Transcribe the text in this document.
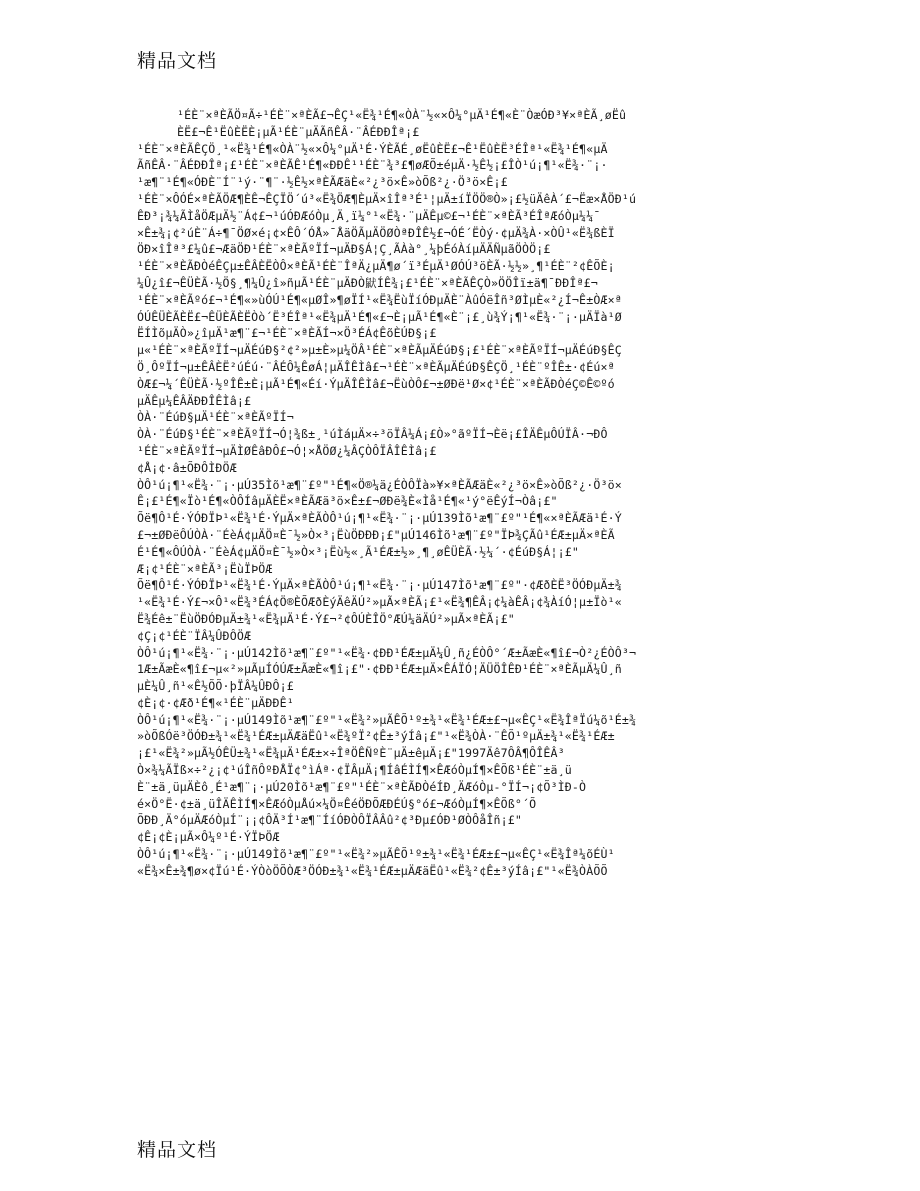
精品文档
¹ÉÈ¨×ªÈÃÖ¤Ã÷¹ÉÈ¨×ªÈÃ£¬ÊÇ¹«Ë¾¹É¶«ÒÀ¨½«×Ô¼°µÄ¹É¶«È¨ÒæÓÐ³¥×ªÈÃ¸øËû
ÈË£¬Ê¹ËûÈËÈ¡µÃ¹ÉÈ¨µÄÃñÊÂ·¨ÂÉÐÐÎª¡£
¹ÉÈ¨×ªÈÃÊÇÖ¸¹«Ë¾¹É¶«ÒÀ¨½«×Ô¼°µÄ¹É·ÝÈÃÉ¸øËûÈË£¬Ê¹ËûÈË³ÉÎª¹«Ë¾¹É¶«µÄ
ÃñÊÂ·¨ÂÉÐÐÎª¡£¹ÉÈ¨×ªÈÃÊ¹É¶«ÐÐÊ¹¹ÉÈ¨¾³£¶øÆÕ±éµÄ·½Ê½¡£ÎÒ¹ú¡¶¹«Ë¾·¨¡·
¹æ¶¨¹É¶«ÓÐÈ¨Í¨¹ý·¨¶¨·½Ê½×ªÈÃÆäÈ«²¿³ö×Ê»òÕß²¿·Ö³ö×Ê¡£
¹ÉÈ¨×ÔÓÉ×ªÈÃÖÆ¶ÈÊ¬ÊÇÏÖ´ú³«Ë¾ÖÆ¶ÈµÄ×îÎª³É¹¦µÄ±íÏÖÖ®Ò»¡£½üÄêÀ´£¬Ëæ×ÅÖÐ¹ú
ÊÐ³¡¾¼ÃÌåÖÆµÄ½¨Á¢£¬¹úÓÐÆóÒµ¸Ä¸ï¼°¹«Ë¾·¨µÄÊµ©£¬¹ÉÈ¨×ªÈÃ³ÉÎªÆóÒµ¼¼¯
×Ê±¾¡¢²úÈ¨Á÷¶¯ÖØ×é¡¢×ÊÔ´ÓÅ»¯ÅäÖÃµÄÖØÒªÐÎÊ½£¬ÓÉ´ËÒý·¢µÄ¾À·×ÒÛ¹«Ë¾ßÈÏ
ÖÐ×îÎª³£¼û£¬ÆäÖÐ¹ÉÈ¨×ªÈÃºÏÍ¬µÄÐ§Á¦Ç¸ÃÀà°¸¼þÉóÀíµÄÄÑµãÖÒÖ¡£
¹ÉÈ¨×ªÈÃÐÒéÊÇµ±ÊÂÈËÒÔ×ªÈÃ¹ÉÈ¨ÎªÄ¿µÄ¶ø´ï³ÉµÄ¹ØÓÚ³öÈÃ·½½»¸¶¹ÉÈ¨²¢ÊÕÈ¡
¼Û¿î£¬ÊÜÈÃ·½Ö§¸¶¼Û¿î»ñµÃ¹ÉÈ¨µÄÐÒ鼣ÍÊ¾¡£¹ÉÈ¨×ªÈÃÊÇÒ»ÖÖÎï±ä¶¯ÐÐÎª£¬
¹ÉÈ¨×ªÈÃºó£¬¹É¶«»ùÓÚ¹É¶«µØÎ»¶øÏÍ¹«Ë¾ËùÏíÓÐµÄÈ¨ÀûÓëÎñ³ØÌµÈ«²¿Í¬Ê±ÒÆ×ª
ÓÚÊÜÈÃÈË£¬ÊÜÈÃÈËÒò´Ë³ÉÎª¹«Ë¾µÄ¹É¶«£¬È¡µÃ¹É¶«È¨¡£¸ù¾Ý¡¶¹«Ë¾·¨¡·µÄÏà¹Ø
ËÍÌõµÄÒ»¿îµÄ¹æ¶¨£¬¹ÉÈ¨×ªÈÃÍ¬×Ö³ÉÁ¢ÊõÈÚÐ§¡£
µ«¹ÉÈ¨×ªÈÃºÏÍ¬µÄÉúÐ§²¢²»µ±È»µ¼ÖÂ¹ÉÈ¨×ªÈÃµÄÉúÐ§¡£¹ÉÈ¨×ªÈÃºÏÍ¬µÄÉúÐ§ÊÇ
Ö¸ÔºÏÍ¬µ±ÊÂÈË²úÉú·¨ÂÉÔ¼ÊøÁ¦µÄÎÊÌâ£¬¹ÉÈ¨×ªÈÃµÄÉúÐ§ÊÇÖ¸¹ÉÈ¨ºÎÊ±·¢Éú×ª
ÒÆ£¬¼´ÊÜÈÃ·½ºÎÊ±È¡µÃ¹É¶«Éí·ÝµÄÎÊÌâ£¬ËùÒÔ£¬±ØÐë¹Ø×¢¹ÉÈ¨×ªÈÃÐÒéÇ©Ê©ºó
µÄÊµ¼ÊÂÄÐÐÎÊÌâ¡£
ÒÀ·¨ÉúÐ§µÄ¹ÉÈ¨×ªÈÃºÏÍ¬
ÒÀ·¨ÉúÐ§¹ÉÈ¨×ªÈÃºÏÍ¬Ó¦¾ß±¸¹úÌáµÄ×÷³öÏÂ¼Á¡£Ò»°ãºÏÍ¬Èë¡£ÎÄÊµÔÚÏÂ·¬ÐÔ
¹ÉÈ¨×ªÈÃºÏÍ¬µÄÌØÊâÐÔ£¬Ó¦×ÅÖØ¿¼ÂÇÒÔÏÂÎÊÌâ¡£
¢Å¡¢·â±ÕÐÔÌÐÖÆ
ÒÔ¹ú¡¶¹«Ë¾·¨¡·µÚ35Ìõ¹æ¶¨£º"¹É¶«Ö®¼ä¿ÉÒÔÏà»¥×ªÈÃÆäÈ«²¿³ö×Ê»òÕß²¿·Ö³ö×
Ê¡£¹É¶«Ïò¹É¶«ÒÔÍâµÄÈË×ªÈÃÆä³ö×Ê±£¬ØÐë¾È«Ìå¹É¶«¹ý°ëÊýÍ¬Òâ¡£"
Õë¶Ô¹É·ÝÓÐÏÞ¹«Ë¾¹É·ÝµÄ×ªÈÃÒÔ¹ú¡¶¹«Ë¾·¨¡·µÚ139Ìõ¹æ¶¨£º"¹É¶«×ªÈÃÆä¹É·Ý
£¬±ØÐëÔÚÒÀ·¨ÉèÁ¢µÄÖ¤È¯½»Ò×³¡ËùÖÐÐÐ¡£"µÚ146Ìõ¹æ¶¨£º"ÏÞ¾ÇÃû¹ÉÆ±µÄ×ªÈÃ
É¹É¶«ÔÚÒÀ·¨ÉèÁ¢µÄÖ¤È¯½»Ò×³¡Ëù½«¸Ã¹ÉÆ±½»¸¶¸øÊÜÈÃ·½¼´·¢ÉúÐ§Á¦¡£"
Æ¡¢¹ÉÈ¨×ªÈÃ³¡ËùÏÞÖÆ
Õë¶Ô¹É·ÝÓÐÏÞ¹«Ë¾¹É·ÝµÄ×ªÈÃÒÔ¹ú¡¶¹«Ë¾·¨¡·µÚ147Ìõ¹æ¶¨£º"·¢ÆðÈË³ÖÓÐµÄ±¾
¹«Ë¾¹É·Ý£¬×Ô¹«Ë¾³ÉÁ¢Ö®ÈÕÆðÈýÄêÄÚ²»µÃ×ªÈÃ¡£¹«Ë¾¶ÊÂ¡¢¼àÊÂ¡¢¾ÀíÓ¦µ±Ïò¹«
Ë¾Éê±¨ËùÖÐÓÐµÄ±¾¹«Ë¾µÄ¹É·Ý£¬²¢ÔÚÈÎÖ°ÆÚ¼äÄÚ²»µÃ×ªÈÃ¡£"
¢Ç¡¢¹ÉÈ¨ÏÂ¼ÛÐÔÖÆ
ÒÔ¹ú¡¶¹«Ë¾·¨¡·µÚ142Ìõ¹æ¶¨£º"¹«Ë¾·¢ÐÐ¹ÉÆ±µÄ¼Û¸ñ¿ÉÒÔ°´Æ±ÃæÈ«¶î£¬Ò²¿ÉÒÔ³¬
1Æ±ÃæÈ«¶î£¬µ«²»µÃµÍÓÚÆ±ÃæÈ«¶î¡£"·¢ÐÐ¹ÉÆ±µÄ×ÊÁÏÓ¦ÄÜÖÎÊÐ¹ÉÈ¨×ªÈÃµÄ¼Û¸ñ
µÈ¼Û¸ñ¹«Ê½ÕÕ·þÏÂ¼ÛÐÔ¡£
¢È¡¢·¢Æð¹É¶«¹ÉÈ¨µÄÐÐÊ¹
ÒÔ¹ú¡¶¹«Ë¾·¨¡·µÚ149Ìõ¹æ¶¨£º"¹«Ë¾²»µÃÊÕ¹º±¾¹«Ë¾¹ÉÆ±£¬µ«ÊÇ¹«Ë¾ÎªÏú¼õ¹É±¾
»òÕßÓë³ÖÓÐ±¾¹«Ë¾¹ÉÆ±µÄÆäËû¹«Ë¾ºÏ²¢Ê±³ýÍâ¡£"¹«Ë¾ÒÀ·¨ÊÕ¹ºµÄ±¾¹«Ë¾¹ÉÆ±
¡£¹«Ë¾²»µÃ½ÓÊÜ±¾¹«Ë¾µÄ¹ÉÆ±×÷ÎªÖÊÑºÈ¨µÄ±êµÄ¡£"1997Äê7ÔÂ¶ÔÎÊÂ³
Ò×¾¼ÃÏß×÷²¿¡¢¹úÎñÔºÐÅÏ¢°ìÁª·¢ÏÂµÄ¡¶ÍâÉÌÍ¶×ÊÆóÒµÍ¶×ÊÕß¹ÉÈ¨±ä¸ü
È¨±ä¸üµÄÈô¸É¹æ¶¨¡·µÚ20Ìõ¹æ¶¨£º"¹ÉÈ¨×ªÈÃÐÒéÍÐ¸ÄÆóÒµ-°ÏÍ¬¡¢Õ³ÌÐ-Ò
é×Ö°Ë·¢±ä¸üÎÄÊÌÍ¶×ÊÆóÒµÅú×¼Ö¤ÊéÖÐÕÆÐÉÚ§°ó£¬ÆóÒµÍ¶×ÊÕß°´Õ
ÕÐÐ¸Ä°óµÄÆóÒµÍ¨¡¡¢ÔÄ³Í¹æ¶¨ÍíÓÐÒÔÏÂÂû²¢³Ðµ£ÓÐ¹ØÒÔåÎñ¡£"
¢Ê¡¢È¡µÃ×Ô¼º¹É·ÝÏÞÖÆ
ÒÔ¹ú¡¶¹«Ë¾·¨¡·µÚ149Ìõ¹æ¶¨£º"¹«Ë¾²»µÃÊÕ¹º±¾¹«Ë¾¹ÉÆ±£¬µ«ÊÇ¹«Ë¾Îª¼õÉÙ¹
«Ë¾×Ê±¾¶ø×¢Ïú¹É·ÝÒòÖÕÒÆ³ÖÓÐ±¾¹«Ë¾¹ÉÆ±µÄÆäËû¹«Ë¾²¢Ê±³ýÍâ¡£"¹«Ë¾ÒÀÕÕ
精品文档
